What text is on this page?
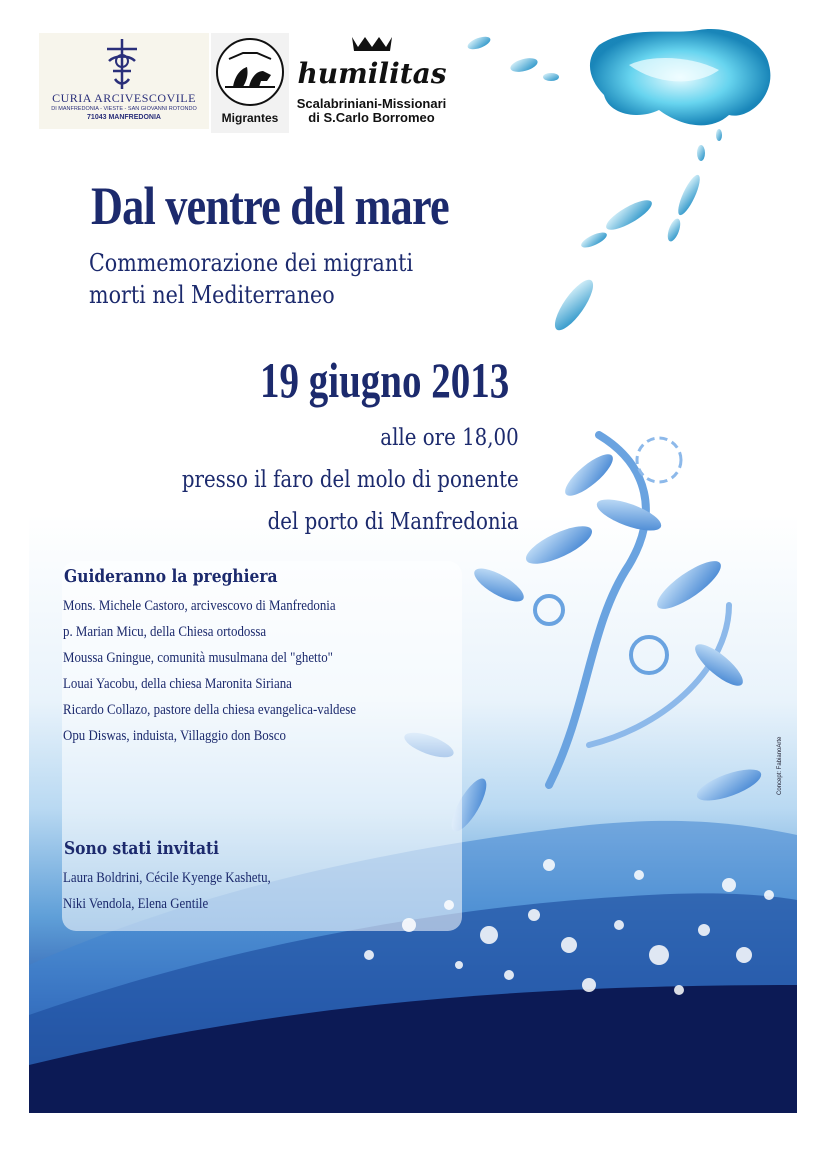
CURIA ARCIVESCOVILE
DI MANFREDONIA - VIESTE - SAN GIOVANNI ROTONDO
71043 MANFREDONIA	Migrantes
humilitas
Scalabriniani-Missionari
di S.Carlo Borromeo
Dal ventre del mare
Commemorazione dei migranti
morti nel Mediterraneo
19 giugno 2013
alle ore 18,00
presso il faro del molo di ponente
del porto di Manfredonia
Guideranno la preghiera
Mons. Michele Castoro, arcivescovo di Manfredonia
p. Marian Micu, della Chiesa ortodossa
Moussa Gningue, comunità musulmana del "ghetto"
Louai Yacobu, della chiesa Maronita Siriana
Ricardo Collazo, pastore della chiesa evangelica-valdese
Opu Diswas, induista, Villaggio don Bosco
Sono stati invitati
Laura Boldrini, Cécile Kyenge Kashetu,
Niki Vendola, Elena Gentile
Concept: FabianoArte
